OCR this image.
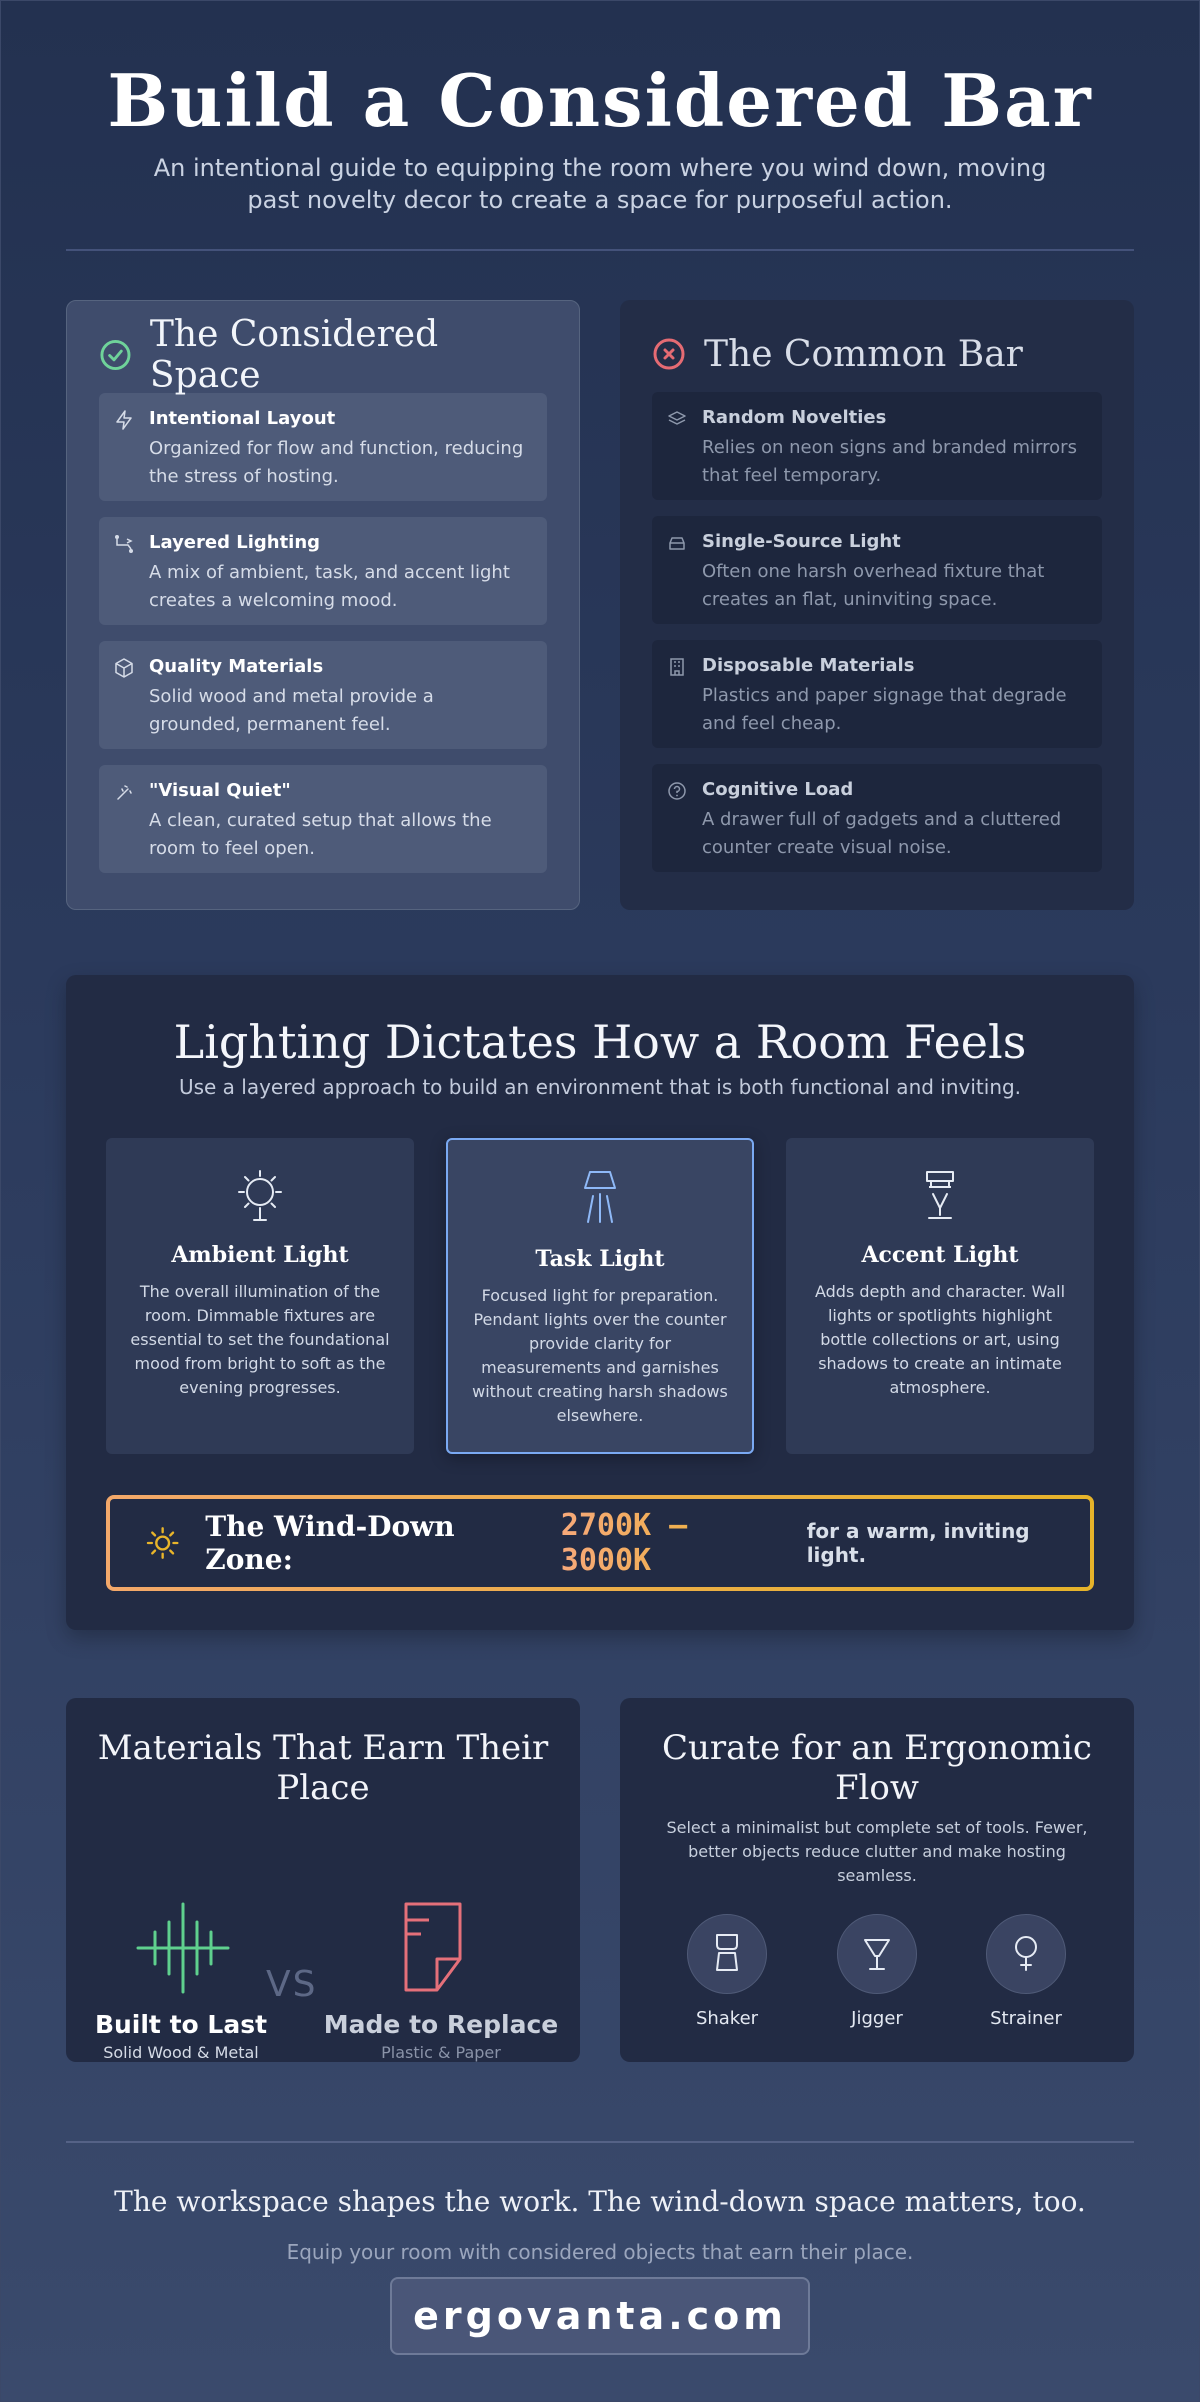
Build a Considered Bar

An intentional guide to equipping the room where you wind down, moving past novelty decor to create a space for purposeful action.

The Considered Space
Intentional Layout
Organized for flow and function, reducing the stress of hosting.
Layered Lighting
A mix of ambient, task, and accent light creates a welcoming mood.
Quality Materials
Solid wood and metal provide a grounded, permanent feel.
"Visual Quiet"
A clean, curated setup that allows the room to feel open.
The Common Bar
Random Novelties
Relies on neon signs and branded mirrors that feel temporary.
Single-Source Light
Often one harsh overhead fixture that creates an flat, uninviting space.
Disposable Materials
Plastics and paper signage that degrade and feel cheap.
Cognitive Load
A drawer full of gadgets and a cluttered counter create visual noise.
Lighting Dictates How a Room Feels

Use a layered approach to build an environment that is both functional and inviting.

Ambient Light

The overall illumination of the room. Dimmable fixtures are essential to set the foundational mood from bright to soft as the evening progresses.

Task Light

Focused light for preparation. Pendant lights over the counter provide clarity for measurements and garnishes without creating harsh shadows elsewhere.

Accent Light

Adds depth and character. Wall lights or spotlights highlight bottle collections or art, using shadows to create an intimate atmosphere.

The Wind-Down Zone:
2700K – 3000K
for a warm, inviting light.
Materials That Earn Their Place
Built to Last
Solid Wood & Metal
VS
Made to Replace
Plastic & Paper
Curate for an Ergonomic Flow

Select a minimalist but complete set of tools. Fewer, better objects reduce clutter and make hosting seamless.

Shaker	Jigger	Strainer

The workspace shapes the work. The wind-down space matters, too.

Equip your room with considered objects that earn their place.

ergovanta.com
